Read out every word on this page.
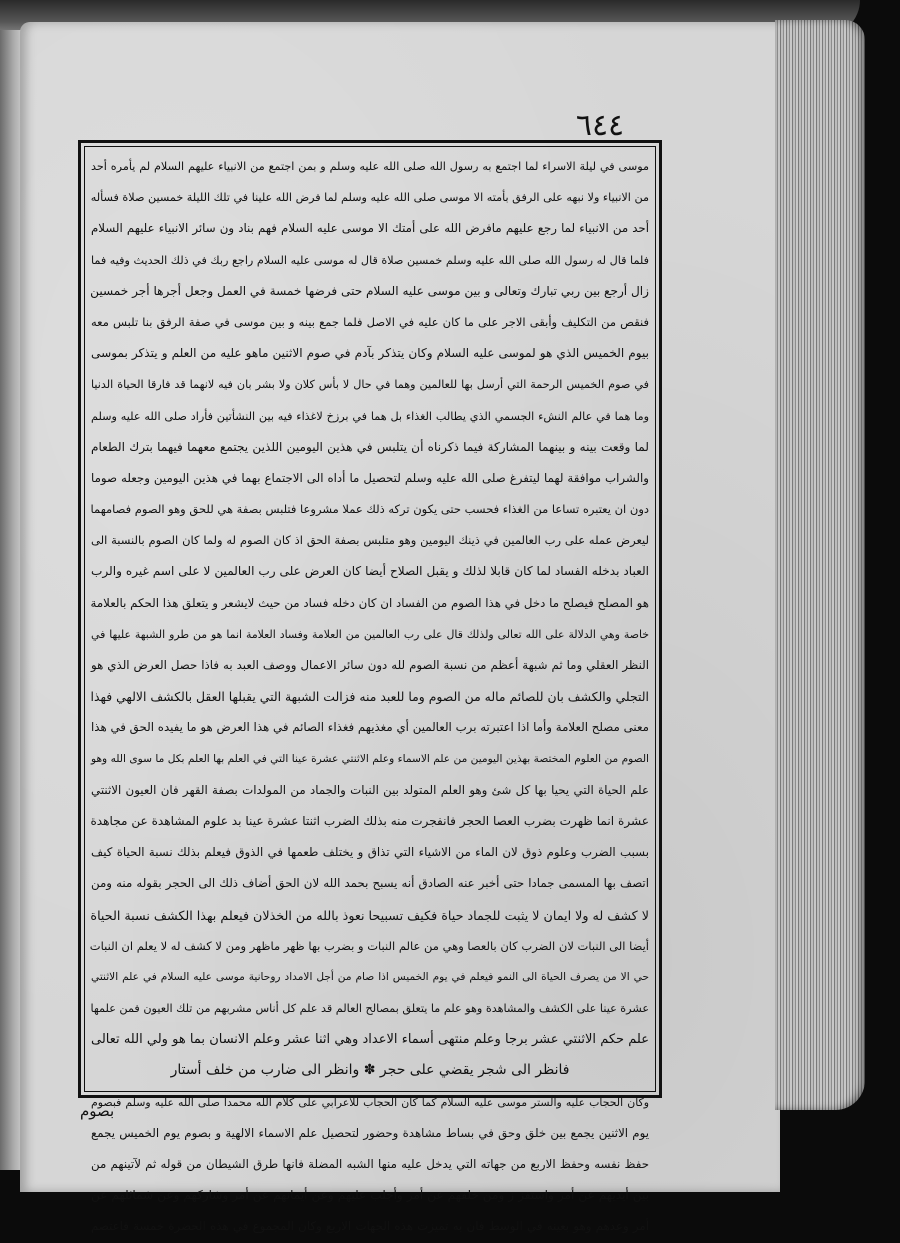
٦٤٤
موسى في ليلة الاسراء لما اجتمع به رسول الله صلى الله عليه وسلم و بمن اجتمع من الانبياء عليهم السلام لم يأمره أحد
من الانبياء ولا نبهه على الرفق بأمته الا موسى صلى الله عليه وسلم لما فرض الله علينا في تلك الليلة خمسين صلاة فسأله
أحد من الانبياء لما رجع عليهم مافرض الله على أمتك الا موسى عليه السلام فهم بناد ون سائر الانبياء عليهم السلام
فلما قال له رسول الله صلى الله عليه وسلم خمسين صلاة قال له موسى عليه السلام راجع ربك في ذلك الحديث وفيه فما
زال أرجع بين ربي تبارك وتعالى و بين موسى عليه السلام حتى فرضها خمسة في العمل وجعل أجرها أجر خمسين
فنقص من التكليف وأبقى الاجر على ما كان عليه في الاصل فلما جمع بينه و بين موسى في صفة الرفق بنا تلبس معه
بيوم الخميس الذي هو لموسى عليه السلام وكان يتذكر بآدم في صوم الاثنين ماهو عليه من العلم و يتذكر بموسى
في صوم الخميس الرحمة التي أرسل بها للعالمين وهما في حال لا بأس كلان ولا بشر بان فيه لانهما قد فارقا الحياة الدنيا
وما هما في عالم النشء الجسمي الذي يطالب الغذاء بل هما في برزخ لاغذاء فيه بين النشأتين فأراد صلى الله عليه وسلم
لما وقعت بينه و بينهما المشاركة فيما ذكرناه أن يتلبس في هذين اليومين اللذين يجتمع معهما فيهما بترك الطعام
والشراب موافقة لهما ليتفرغ صلى الله عليه وسلم لتحصيل ما أداه الى الاجتماع بهما في هذين اليومين وجعله صوما
دون ان يعتبره تساعا من الغذاء فحسب حتى يكون تركه ذلك عملا مشروعا فتلبس بصفة هي للحق وهو الصوم فصامهما
ليعرض عمله على رب العالمين في ذينك اليومين وهو متلبس بصفة الحق اذ كان الصوم له ولما كان الصوم بالنسبة الى
العباد بدخله الفساد لما كان قابلا لذلك و يقبل الصلاح أيضا كان العرض على رب العالمين لا على اسم غيره والرب
هو المصلح فيصلح ما دخل في هذا الصوم من الفساد ان كان دخله فساد من حيث لايشعر و يتعلق هذا الحكم بالعلامة
خاصة وهي الدلالة على الله تعالى ولذلك قال على رب العالمين من العلامة وفساد العلامة انما هو من طرو الشبهة عليها في
النظر العقلي وما ثم شبهة أعظم من نسبة الصوم لله دون سائر الاعمال ووصف العبد به فاذا حصل العرض الذي هو
التجلي والكشف بان للصائم ماله من الصوم وما للعبد منه فزالت الشبهة التي يقبلها العقل بالكشف الالهي فهذا
معنى مصلح العلامة وأما اذا اعتبرته برب العالمين أي مغذيهم فغذاء الصائم في هذا العرض هو ما يفيده الحق في هذا
الصوم من العلوم المختصة بهذين اليومين من علم الاسماء وعلم الاثنتي عشرة عينا التي في العلم بها العلم بكل ما سوى الله وهو
علم الحياة التي يحيا بها كل شئ وهو العلم المتولد بين النبات والجماد من المولدات بصفة القهر فان العيون الاثنتي
عشرة انما ظهرت بضرب العصا الحجر فانفجرت منه بذلك الضرب اثنتا عشرة عينا بد علوم المشاهدة عن مجاهدة
بسبب الضرب وعلوم ذوق لان الماء من الاشياء التي تذاق و يختلف طعمها في الذوق فيعلم بذلك نسبة الحياة كيف
اتصف بها المسمى جمادا حتى أخبر عنه الصادق أنه يسبح بحمد الله لان الحق أضاف ذلك الى الحجر بقوله منه ومن
لا كشف له ولا ايمان لا يثبت للجماد حياة فكيف تسبيحا نعوذ بالله من الخذلان فيعلم بهذا الكشف نسبة الحياة
أيضا الى النبات لان الضرب كان بالعصا وهي من عالم النبات و بضرب بها ظهر ماظهر ومن لا كشف له لا يعلم ان النبات
حي الا من يصرف الحياة الى النمو فيعلم في يوم الخميس اذا صام من أجل الامداد روحانية موسى عليه السلام في علم الاثنتي
عشرة عينا على الكشف والمشاهدة وهو علم ما يتعلق بمصالح العالم قد علم كل أناس مشربهم من تلك العيون فمن علمها
علم حكم الاثنتي عشر برجا وعلم منتهى أسماء الاعداد وهي اثنا عشر وعلم الانسان بما هو ولي الله تعالى
فانظر الى شجر يقضي على حجر ✽ وانظر الى ضارب من خلف أستار
وكان الحجاب عليه والستر موسى عليه السلام كما كان الحجاب للاعرابي على كلام الله محمدا صلى الله عليه وسلم فبصوم
يوم الاثنين يجمع بين خلق وحق في بساط مشاهدة وحضور لتحصيل علم الاسماء الالهية و بصوم يوم الخميس يجمع
حفظ نفسه وحفظ الاربع من جهاته التي يدخل عليه منها الشبه المضلة فانها طرق الشيطان من قوله ثم لآتينهم من
بين أيديهم عن أمر واستفز ز ومن خلفهم عن أمر وأجلب عليهم وعن أيمانهم عن أمر وشاركهم وعن شمائلهم عن
أمر وعدهم وهو بعينه في الوسط فان به تميزت هذه الجهات الاربع وكان المجموع في هذه الحضرة خمسة فاعتصم
بصوم
